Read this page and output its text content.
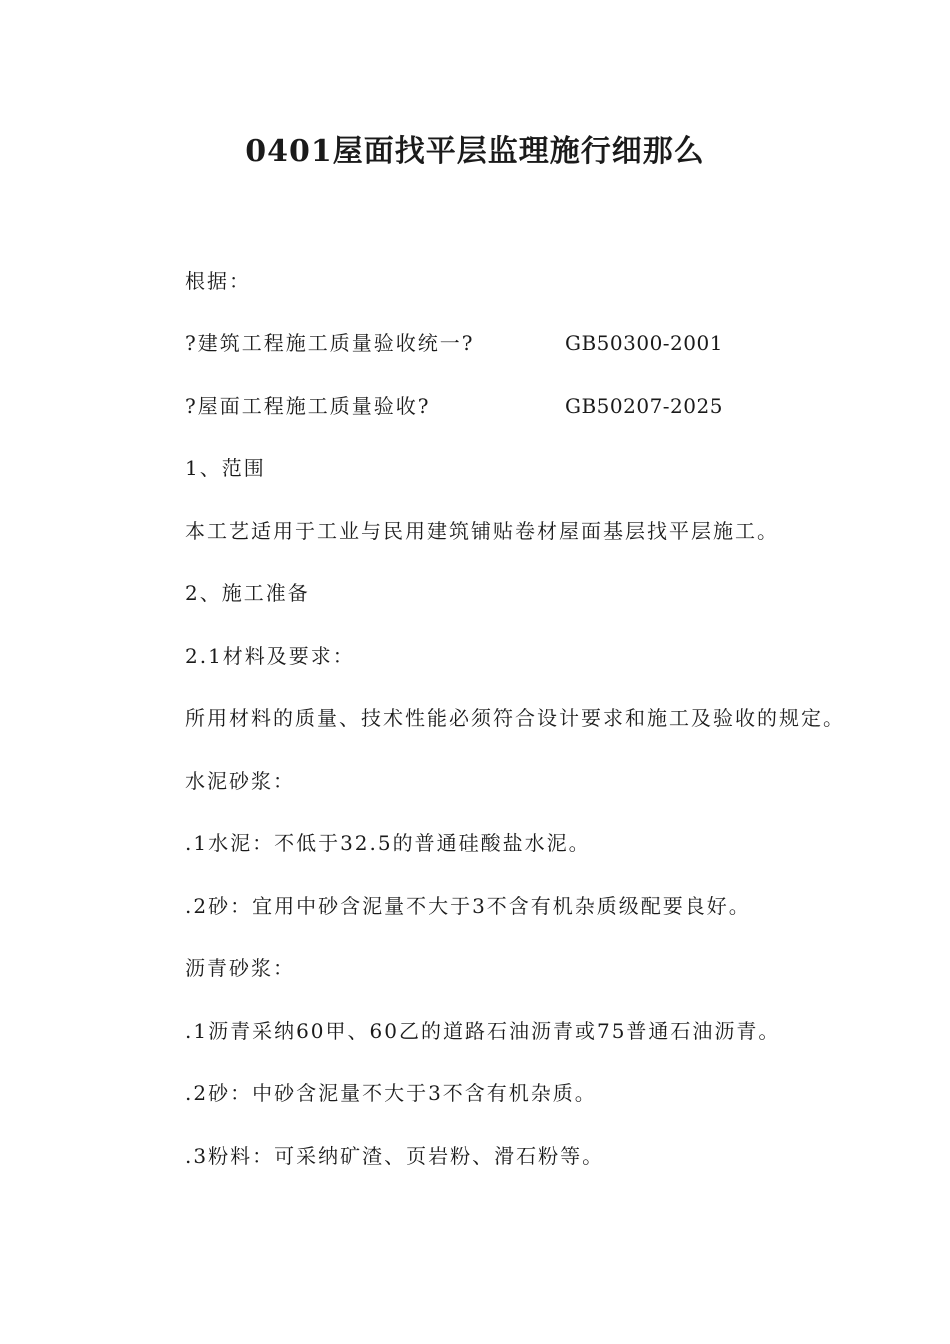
0401屋面找平层监理施行细那么
根据：
?建筑工程施工质量验收统一?	GB50300-2001
?屋面工程施工质量验收?	GB50207-2025
1、范围
本工艺适用于工业与民用建筑铺贴卷材屋面基层找平层施工。
2、施工准备
2.1材料及要求：
所用材料的质量、技术性能必须符合设计要求和施工及验收的规定。
水泥砂浆：
.1水泥：不低于32.5的普通硅酸盐水泥。
.2砂：宜用中砂含泥量不大于3不含有机杂质级配要良好。
沥青砂浆：
.1沥青采纳60甲、60乙的道路石油沥青或75普通石油沥青。
.2砂：中砂含泥量不大于3不含有机杂质。
.3粉料：可采纳矿渣、页岩粉、滑石粉等。
